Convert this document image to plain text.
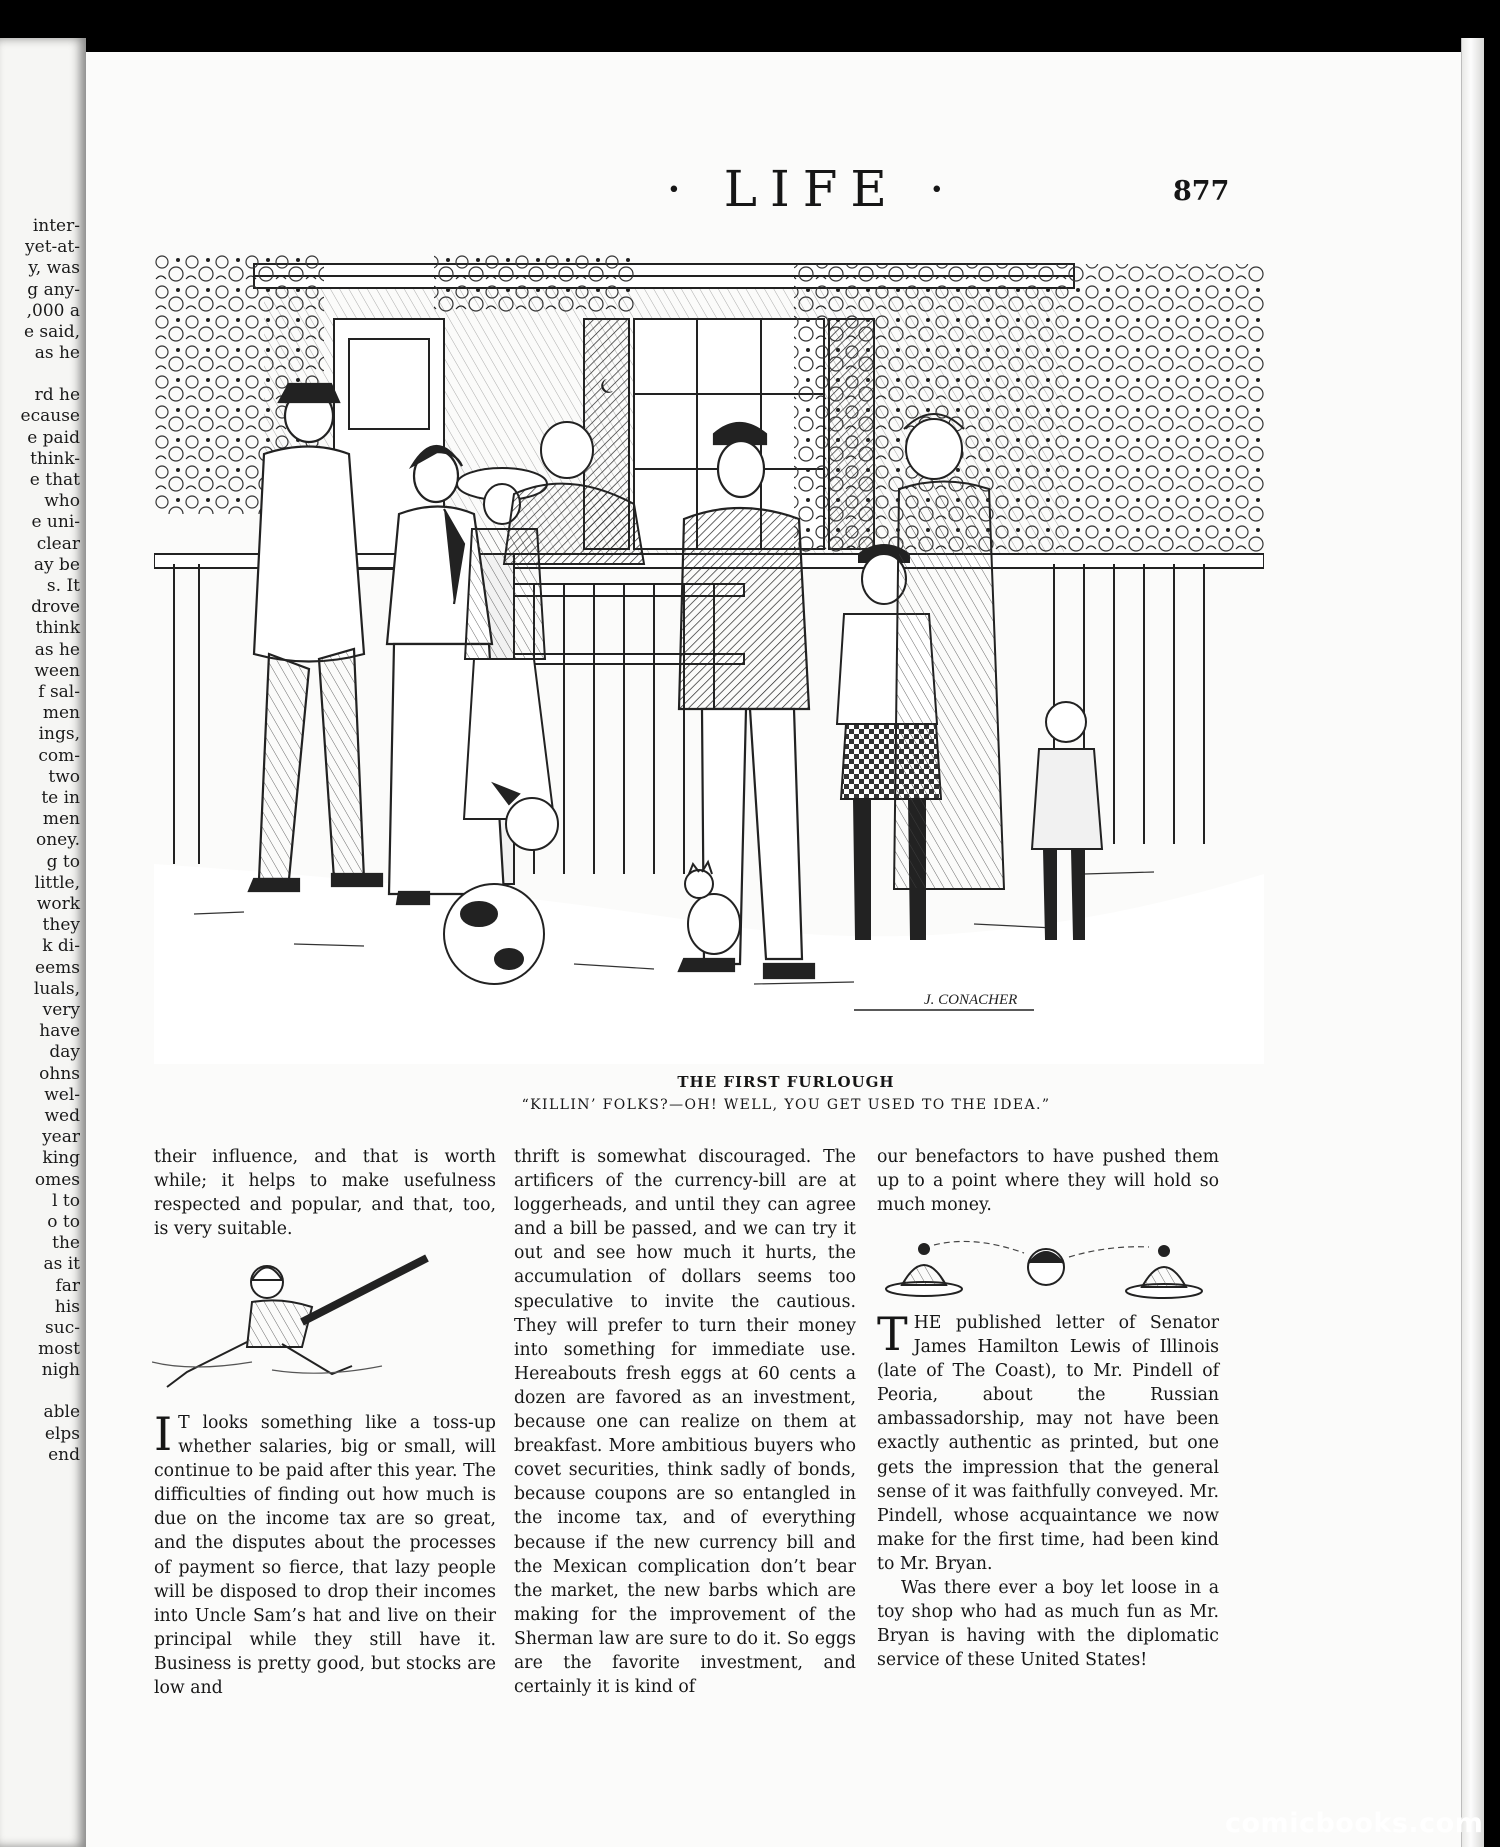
inter-
yet-at-
y, was
g any-
,000 a
e said,
as he
rd he
ecause
e paid
think-
e that
who
e uni-
clear
ay be
s. It
drove
think
as he
ween
f sal-
men
ings,
com-
two
te in
men
oney.
g to
little,
work
they
k di-
eems
luals,
very
have
day
ohns
wel-
wed
year
king
omes
l to
o to
the
as it
far
his
suc-
most
nigh
able
elps
end
· LIFE ·	877
J. CONACHER
THE FIRST FURLOUGH
“KILLIN’ FOLKS?—OH! WELL, YOU GET USED TO THE IDEA.”

their influence, and that is worth while; it helps to make usefulness respected and popular, and that, too, is very suitable.

I T looks something like a toss-up whether salaries, big or small, will continue to be paid after this year. The difficulties of finding out how much is due on the income tax are so great, and the disputes about the processes of payment so fierce, that lazy people will be disposed to drop their incomes into Uncle Sam’s hat and live on their principal while they still have it. Business is pretty good, but stocks are low and

thrift is somewhat discouraged. The artificers of the currency-bill are at loggerheads, and until they can agree and a bill be passed, and we can try it out and see how much it hurts, the accumulation of dollars seems too speculative to invite the cautious. They will prefer to turn their money into something for immediate use. Hereabouts fresh eggs at 60 cents a dozen are favored as an investment, because one can realize on them at breakfast. More ambitious buyers who covet securities, think sadly of bonds, because coupons are so entangled in the income tax, and of everything because if the new currency bill and the Mexican complication don’t bear the market, the new barbs which are making for the improvement of the Sherman law are sure to do it. So eggs are the favorite investment, and certainly it is kind of

our benefactors to have pushed them up to a point where they will hold so much money.

T HE published letter of Senator James Hamilton Lewis of Illinois (late of The Coast), to Mr. Pindell of Peoria, about the Russian ambassadorship, may not have been exactly authentic as printed, but one gets the impression that the general sense of it was faithfully conveyed. Mr. Pindell, whose acquaintance we now make for the first time, had been kind to Mr. Bryan.

Was there ever a boy let loose in a toy shop who had as much fun as Mr. Bryan is having with the diplomatic service of these United States!

comicbooks.com
